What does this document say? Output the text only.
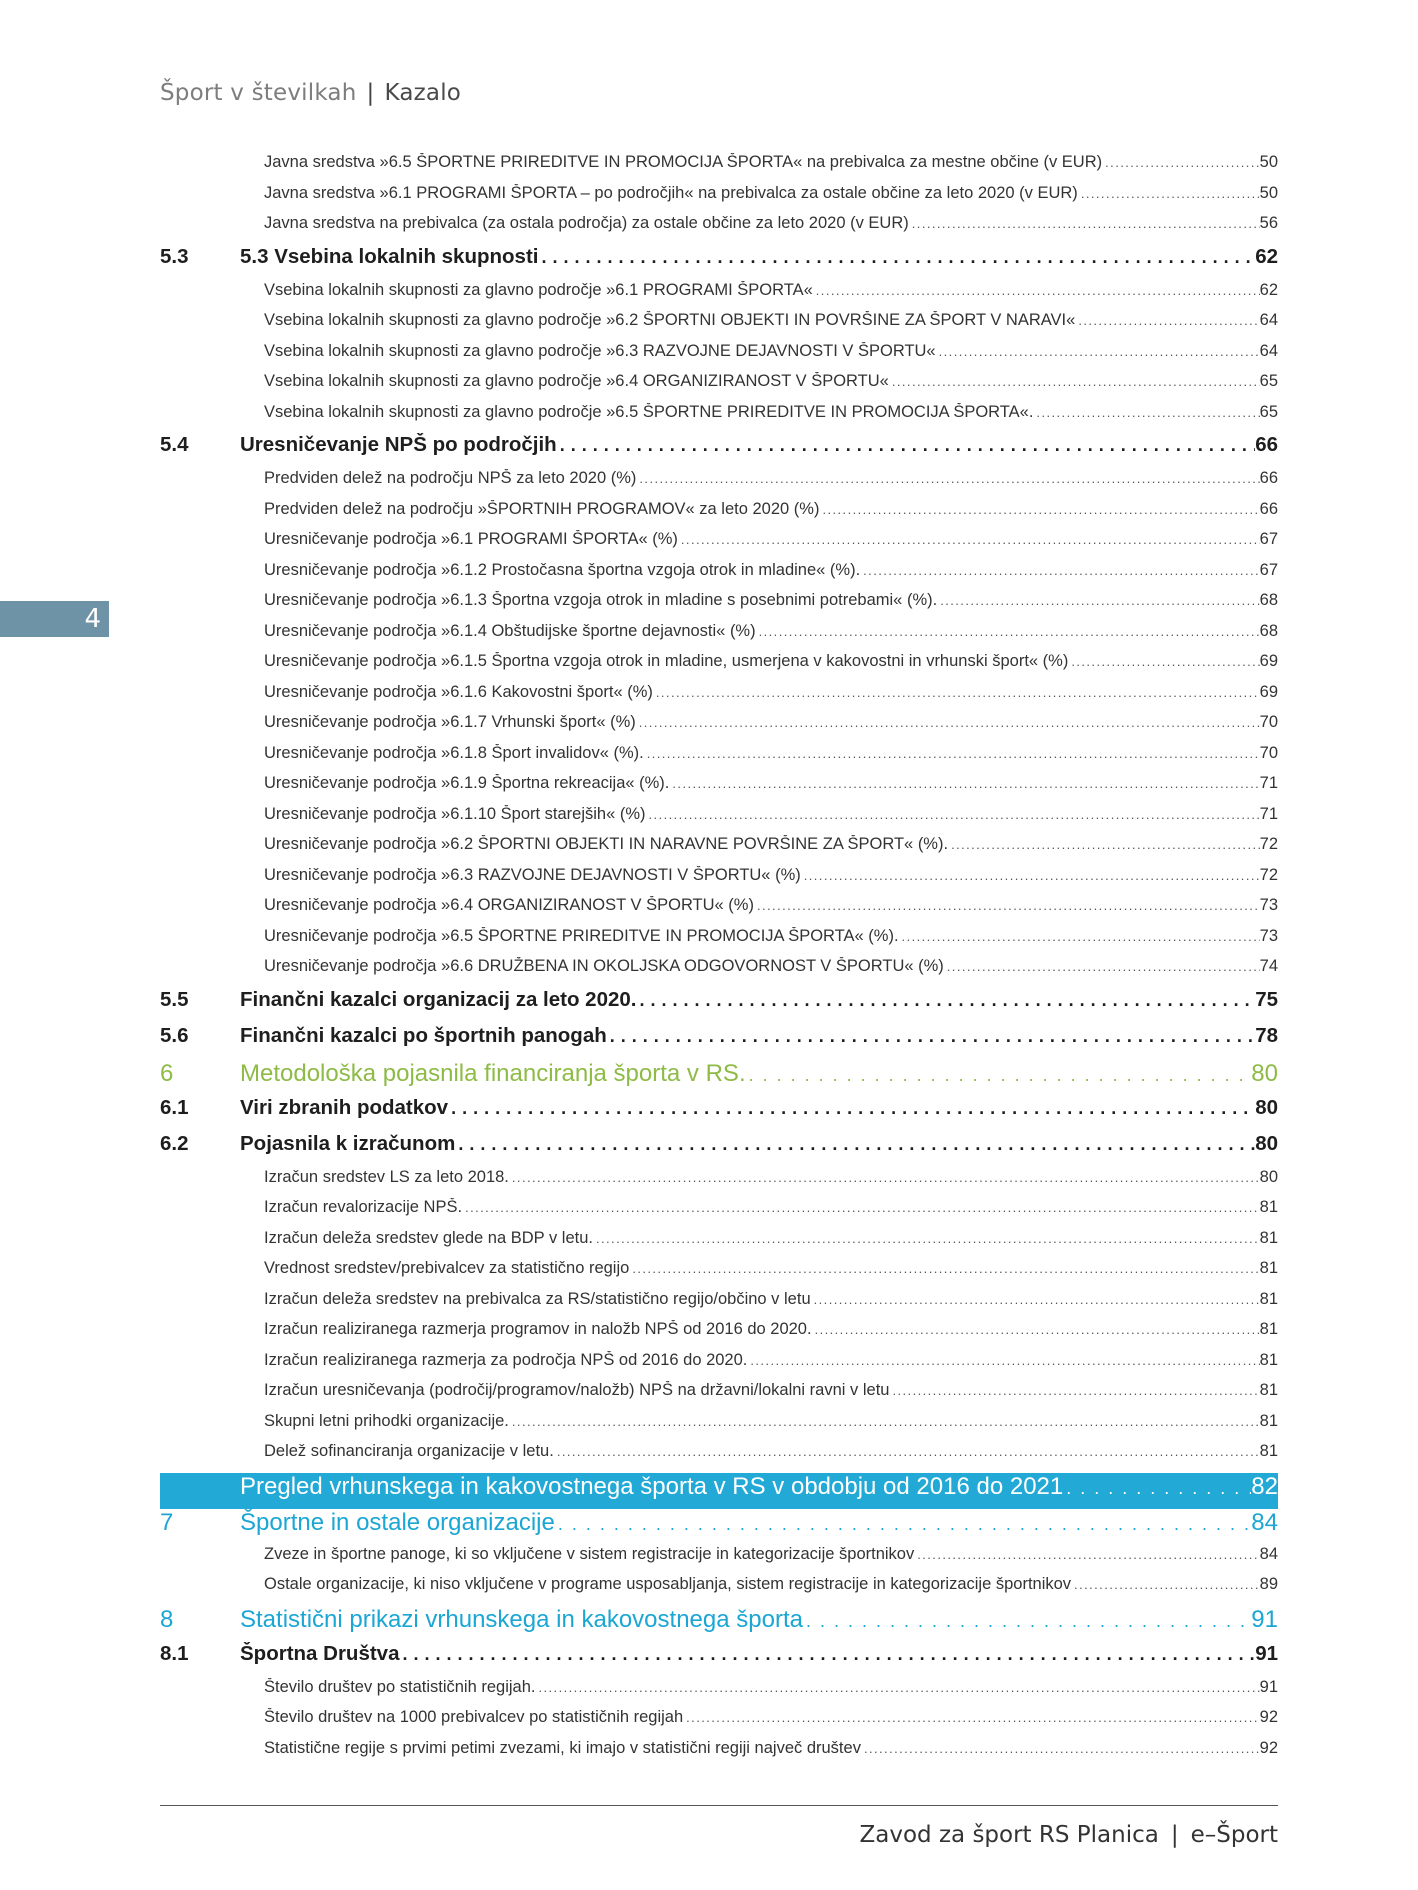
Šport v številkah | Kazalo
4
Javna sredstva »6.5 ŠPORTNE PRIREDITVE IN PROMOCIJA ŠPORTA« na prebivalca za mestne občine (v EUR) . . .	50
Javna sredstva »6.1 PROGRAMI ŠPORTA – po področjih« na prebivalca za ostale občine za leto 2020 (v EUR) . . .	50
Javna sredstva na prebivalca (za ostala področja) za ostale občine za leto 2020 (v EUR) . . .	56
5.3	5.3 Vsebina lokalnih skupnosti . . .	62
Vsebina lokalnih skupnosti za glavno področje »6.1 PROGRAMI ŠPORTA« . . .	62
Vsebina lokalnih skupnosti za glavno področje »6.2 ŠPORTNI OBJEKTI IN POVRŠINE ZA ŠPORT V NARAVI« . . .	64
Vsebina lokalnih skupnosti za glavno področje »6.3 RAZVOJNE DEJAVNOSTI V ŠPORTU« . . .	64
Vsebina lokalnih skupnosti za glavno področje »6.4 ORGANIZIRANOST V ŠPORTU« . . .	65
Vsebina lokalnih skupnosti za glavno področje »6.5 ŠPORTNE PRIREDITVE IN PROMOCIJA ŠPORTA«. . . .	65
5.4	Uresničevanje NPŠ po področjih . . .	66
Predviden delež na področju NPŠ za leto 2020 (%) . . .	66
Predviden delež na področju »ŠPORTNIH PROGRAMOV« za leto 2020 (%) . . .	66
Uresničevanje področja »6.1 PROGRAMI ŠPORTA« (%) . . .	67
Uresničevanje področja »6.1.2 Prostočasna športna vzgoja otrok in mladine« (%). . . .	67
Uresničevanje področja »6.1.3 Športna vzgoja otrok in mladine s posebnimi potrebami« (%). . . .	68
Uresničevanje področja »6.1.4 Obštudijske športne dejavnosti« (%) . . .	68
Uresničevanje področja »6.1.5 Športna vzgoja otrok in mladine, usmerjena v kakovostni in vrhunski šport« (%) . . .	69
Uresničevanje področja »6.1.6 Kakovostni šport« (%) . . .	69
Uresničevanje področja »6.1.7 Vrhunski šport« (%) . . .	70
Uresničevanje področja »6.1.8 Šport invalidov« (%). . . .	70
Uresničevanje področja »6.1.9 Športna rekreacija« (%). . . .	71
Uresničevanje področja »6.1.10 Šport starejših« (%) . . .	71
Uresničevanje področja »6.2 ŠPORTNI OBJEKTI IN NARAVNE POVRŠINE ZA ŠPORT« (%). . . .	72
Uresničevanje področja »6.3 RAZVOJNE DEJAVNOSTI V ŠPORTU« (%) . . .	72
Uresničevanje področja »6.4 ORGANIZIRANOST V ŠPORTU« (%) . . .	73
Uresničevanje področja »6.5 ŠPORTNE PRIREDITVE IN PROMOCIJA ŠPORTA« (%). . . .	73
Uresničevanje področja »6.6 DRUŽBENA IN OKOLJSKA ODGOVORNOST V ŠPORTU« (%) . . .	74
5.5	Finančni kazalci organizacij za leto 2020. . . .	75
5.6	Finančni kazalci po športnih panogah . . .	78
6	Metodološka pojasnila financiranja športa v RS. . . .	80
6.1	Viri zbranih podatkov . . .	80
6.2	Pojasnila k izračunom . . .	80
Izračun sredstev LS za leto 2018. . . .	80
Izračun revalorizacije NPŠ. . . .	81
Izračun deleža sredstev glede na BDP v letu. . . .	81
Vrednost sredstev/prebivalcev za statistično regijo . . .	81
Izračun deleža sredstev na prebivalca za RS/statistično regijo/občino v letu . . .	81
Izračun realiziranega razmerja programov in naložb NPŠ od 2016 do 2020. . . .	81
Izračun realiziranega razmerja za področja NPŠ od 2016 do 2020. . . .	81
Izračun uresničevanja (področij/programov/naložb) NPŠ na državni/lokalni ravni v letu . . .	81
Skupni letni prihodki organizacije. . . .	81
Delež sofinanciranja organizacije v letu. . . .	81
Pregled vrhunskega in kakovostnega športa v RS v obdobju od 2016 do 2021 . . .	82
7	Športne in ostale organizacije . . .	84
Zveze in športne panoge, ki so vključene v sistem registracije in kategorizacije športnikov . . .	84
Ostale organizacije, ki niso vključene v programe usposabljanja, sistem registracije in kategorizacije športnikov . . .	89
8	Statistični prikazi vrhunskega in kakovostnega športa . . .	91
8.1	Športna Društva . . .	91
Število društev po statističnih regijah. . . .	91
Število društev na 1000 prebivalcev po statističnih regijah . . .	92
Statistične regije s prvimi petimi zvezami, ki imajo v statistični regiji največ društev . . .	92
Zavod za šport RS Planica | e–Šport
